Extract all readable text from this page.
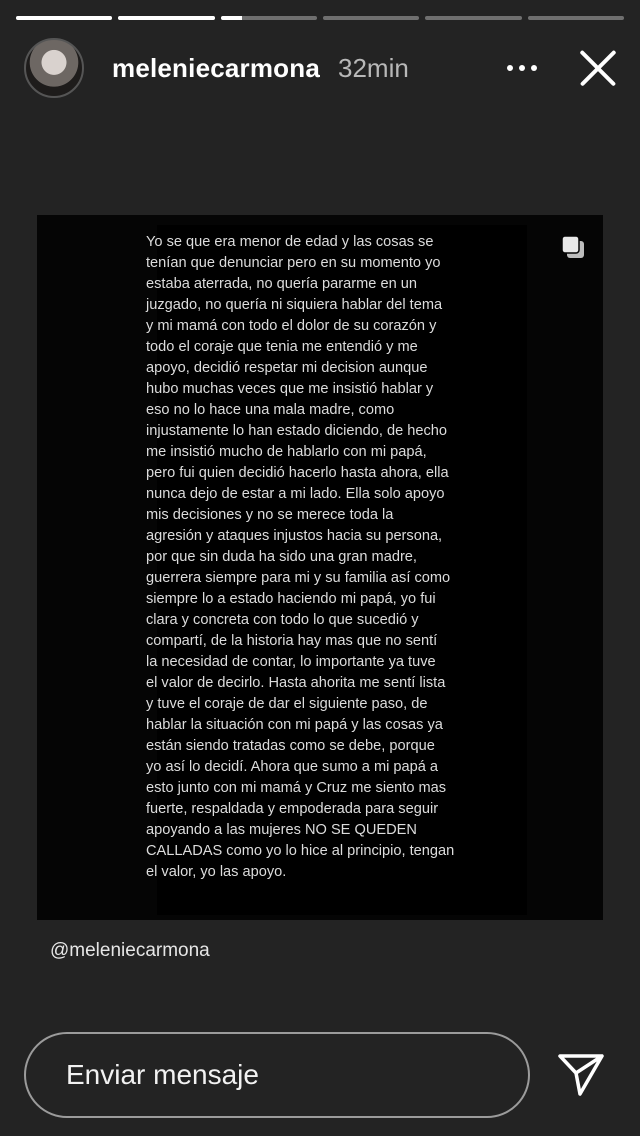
meleniecarmona 32min
Yo se que era menor de edad y las cosas se
tenían que denunciar pero en su momento yo
estaba aterrada, no quería pararme en un
juzgado, no quería ni siquiera hablar del tema
y mi mamá con todo el dolor de su corazón y
todo el coraje que tenia me entendió y me
apoyo, decidió respetar mi decision aunque
hubo muchas veces que me insistió hablar y
eso no lo hace una mala madre, como
injustamente lo han estado diciendo, de hecho
me insistió mucho de hablarlo con mi papá,
pero fui quien decidió hacerlo hasta ahora, ella
nunca dejo de estar a mi lado. Ella solo apoyo
mis decisiones y no se merece toda la
agresión y ataques injustos hacia su persona,
por que sin duda ha sido una gran madre,
guerrera siempre para mi y su familia así como
siempre lo a estado haciendo mi papá, yo fui
clara y concreta con todo lo que sucedió y
compartí, de la historia hay mas que no sentí
la necesidad de contar, lo importante ya tuve
el valor de decirlo. Hasta ahorita me sentí lista
y tuve el coraje de dar el siguiente paso, de
hablar la situación con mi papá y las cosas ya
están siendo tratadas como se debe, porque
yo así lo decidí. Ahora que sumo a mi papá a
esto junto con mi mamá y Cruz me siento mas
fuerte, respaldada y empoderada para seguir
apoyando a las mujeres NO SE QUEDEN
CALLADAS como yo lo hice al principio, tengan
el valor, yo las apoyo.
@meleniecarmona
Enviar mensaje
